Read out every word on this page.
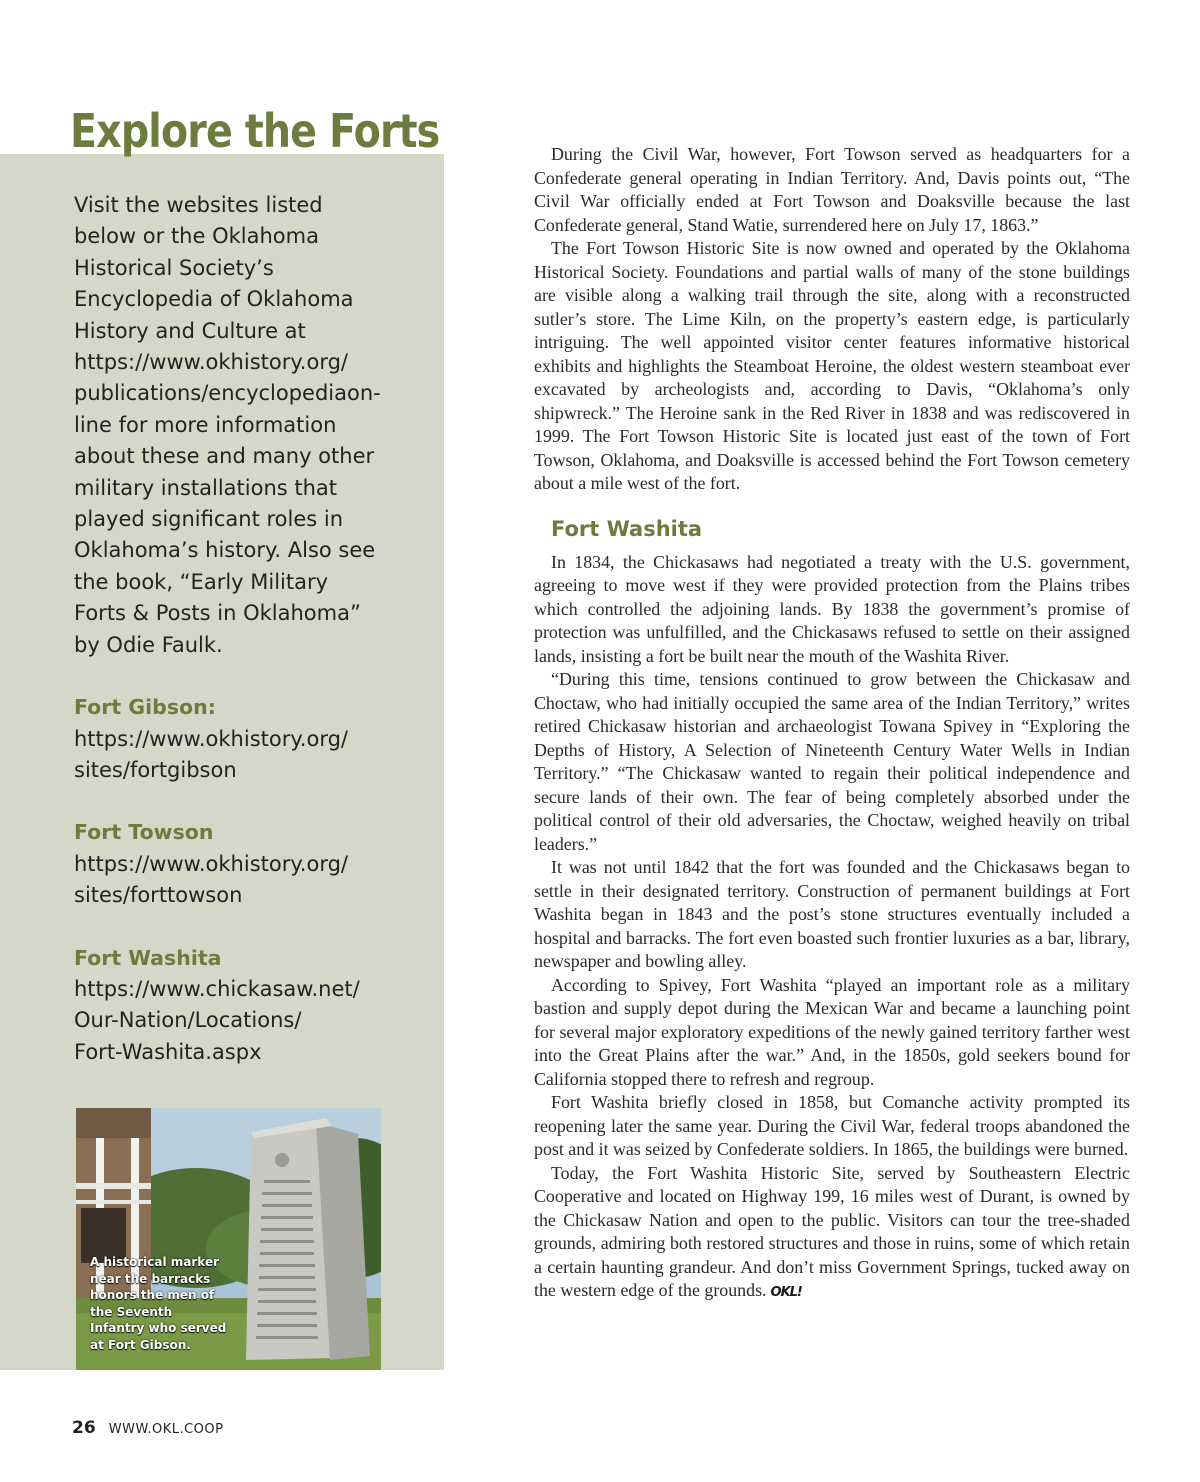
Explore the Forts

Visit the websites listed
below or the Oklahoma
Historical Society’s
Encyclopedia of Oklahoma
History and Culture at
https://www.okhistory.org/
publications/encyclopediaon-
line for more information
about these and many other
military installations that
played significant roles in
Oklahoma’s history. Also see
the book, “Early Military
Forts & Posts in Oklahoma”
by Odie Faulk.

Fort Gibson:
https://www.okhistory.org/
sites/fortgibson
Fort Towson
https://www.okhistory.org/
sites/forttowson
Fort Washita
https://www.chickasaw.net/
Our-Nation/Locations/
Fort-Washita.aspx

A historical marker
near the barracks
honors the men of
the Seventh
Infantry who served
at Fort Gibson.

During the Civil War, however, Fort Towson served as headquarters for a Confederate general operating in Indian Territory. And, Davis points out, “The Civil War officially ended at Fort Towson and Doaksville because the last Confederate general, Stand Watie, surrendered here on July 17, 1863.”

The Fort Towson Historic Site is now owned and operated by the Oklahoma Historical Society. Foundations and partial walls of many of the stone buildings are visible along a walking trail through the site, along with a reconstructed sutler’s store. The Lime Kiln, on the property’s eastern edge, is particularly intriguing. The well appointed visitor center features informative historical exhibits and highlights the Steamboat Heroine, the oldest western steamboat ever excavated by archeologists and, according to Davis, “Oklahoma’s only shipwreck.” The Heroine sank in the Red River in 1838 and was rediscovered in 1999. The Fort Towson Historic Site is located just east of the town of Fort Towson, Oklahoma, and Doaksville is accessed behind the Fort Towson cemetery about a mile west of the fort.

Fort Washita

In 1834, the Chickasaws had negotiated a treaty with the U.S. government, agreeing to move west if they were provided protection from the Plains tribes which controlled the adjoining lands. By 1838 the government’s promise of protection was unfulfilled, and the Chickasaws refused to settle on their assigned lands, insisting a fort be built near the mouth of the Washita River.

“During this time, tensions continued to grow between the Chickasaw and Choctaw, who had initially occupied the same area of the Indian Territory,” writes retired Chickasaw historian and archaeologist Towana Spivey in “Exploring the Depths of History, A Selection of Nineteenth Century Water Wells in Indian Territory.” “The Chickasaw wanted to regain their political independence and secure lands of their own. The fear of being completely absorbed under the political control of their old adversaries, the Choctaw, weighed heavily on tribal leaders.”

It was not until 1842 that the fort was founded and the Chickasaws began to settle in their designated territory. Construction of permanent buildings at Fort Washita began in 1843 and the post’s stone structures eventually included a hospital and barracks. The fort even boasted such frontier luxuries as a bar, library, newspaper and bowling alley.

According to Spivey, Fort Washita “played an important role as a military bastion and supply depot during the Mexican War and became a launching point for several major exploratory expeditions of the newly gained territory farther west into the Great Plains after the war.” And, in the 1850s, gold seekers bound for California stopped there to refresh and regroup.

Fort Washita briefly closed in 1858, but Comanche activity prompted its reopening later the same year. During the Civil War, federal troops abandoned the post and it was seized by Confederate soldiers. In 1865, the buildings were burned.

Today, the Fort Washita Historic Site, served by Southeastern Electric Cooperative and located on Highway 199, 16 miles west of Durant, is owned by the Chickasaw Nation and open to the public. Visitors can tour the tree-shaded grounds, admiring both restored structures and those in ruins, some of which retain a certain haunting grandeur. And don’t miss Government Springs, tucked away on the western edge of the grounds. OKL!

26 WWW.OKL.COOP
